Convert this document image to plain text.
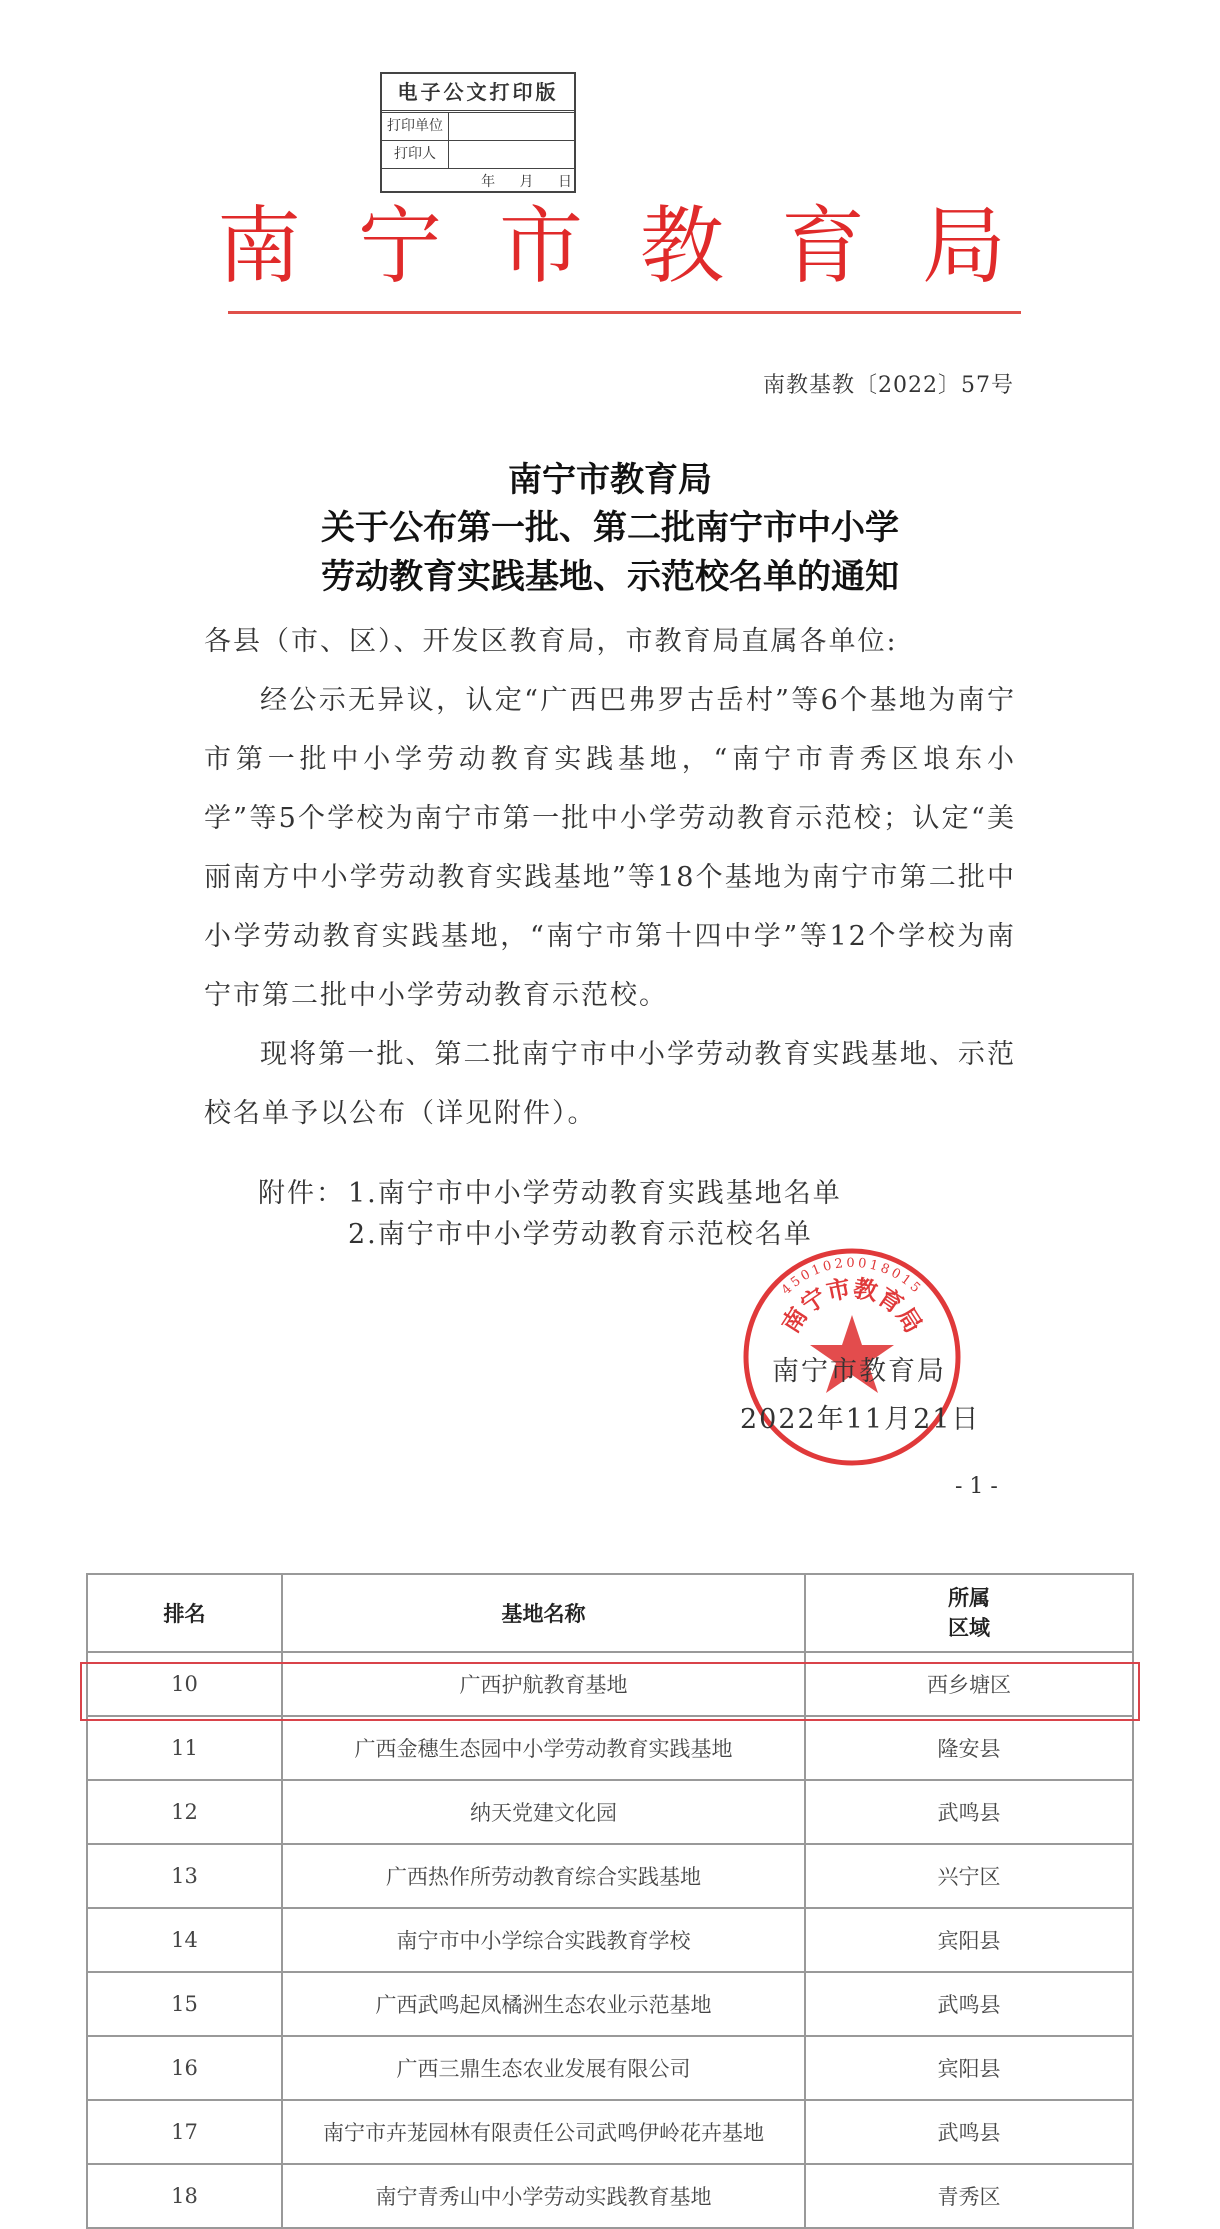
电子公文打印版
打印单位
打印人
年 月 日
南宁市教育局
南教基教〔2022〕57号
南宁市教育局
关于公布第一批、第二批南宁市中小学
劳动教育实践基地、示范校名单的通知

各县（市、区）、开发区教育局，市教育局直属各单位:

经公示无异议，认定“广西巴弗罗古岳村”等6个基地为南宁市第一批中小学劳动教育实践基地，“南宁市青秀区埌东小学”等5个学校为南宁市第一批中小学劳动教育示范校；认定“美丽南方中小学劳动教育实践基地”等18个基地为南宁市第二批中小学劳动教育实践基地，“南宁市第十四中学”等12个学校为南宁市第二批中小学劳动教育示范校。

现将第一批、第二批南宁市中小学劳动教育实践基地、示范校名单予以公布（详见附件）。

附件： 1.南宁市中小学劳动教育实践基地名单
2.南宁市中小学劳动教育示范校名单
南宁市教育局
4501020018015
南宁市教育局
2022年11月21日
- 1 -
排名	基地名称	所属区域
10	广西护航教育基地	西乡塘区
11	广西金穗生态园中小学劳动教育实践基地	隆安县
12	纳天党建文化园	武鸣县
13	广西热作所劳动教育综合实践基地	兴宁区
14	南宁市中小学综合实践教育学校	宾阳县
15	广西武鸣起凤橘洲生态农业示范基地	武鸣县
16	广西三鼎生态农业发展有限公司	宾阳县
17	南宁市卉茏园林有限责任公司武鸣伊岭花卉基地	武鸣县
18	南宁青秀山中小学劳动实践教育基地	青秀区
